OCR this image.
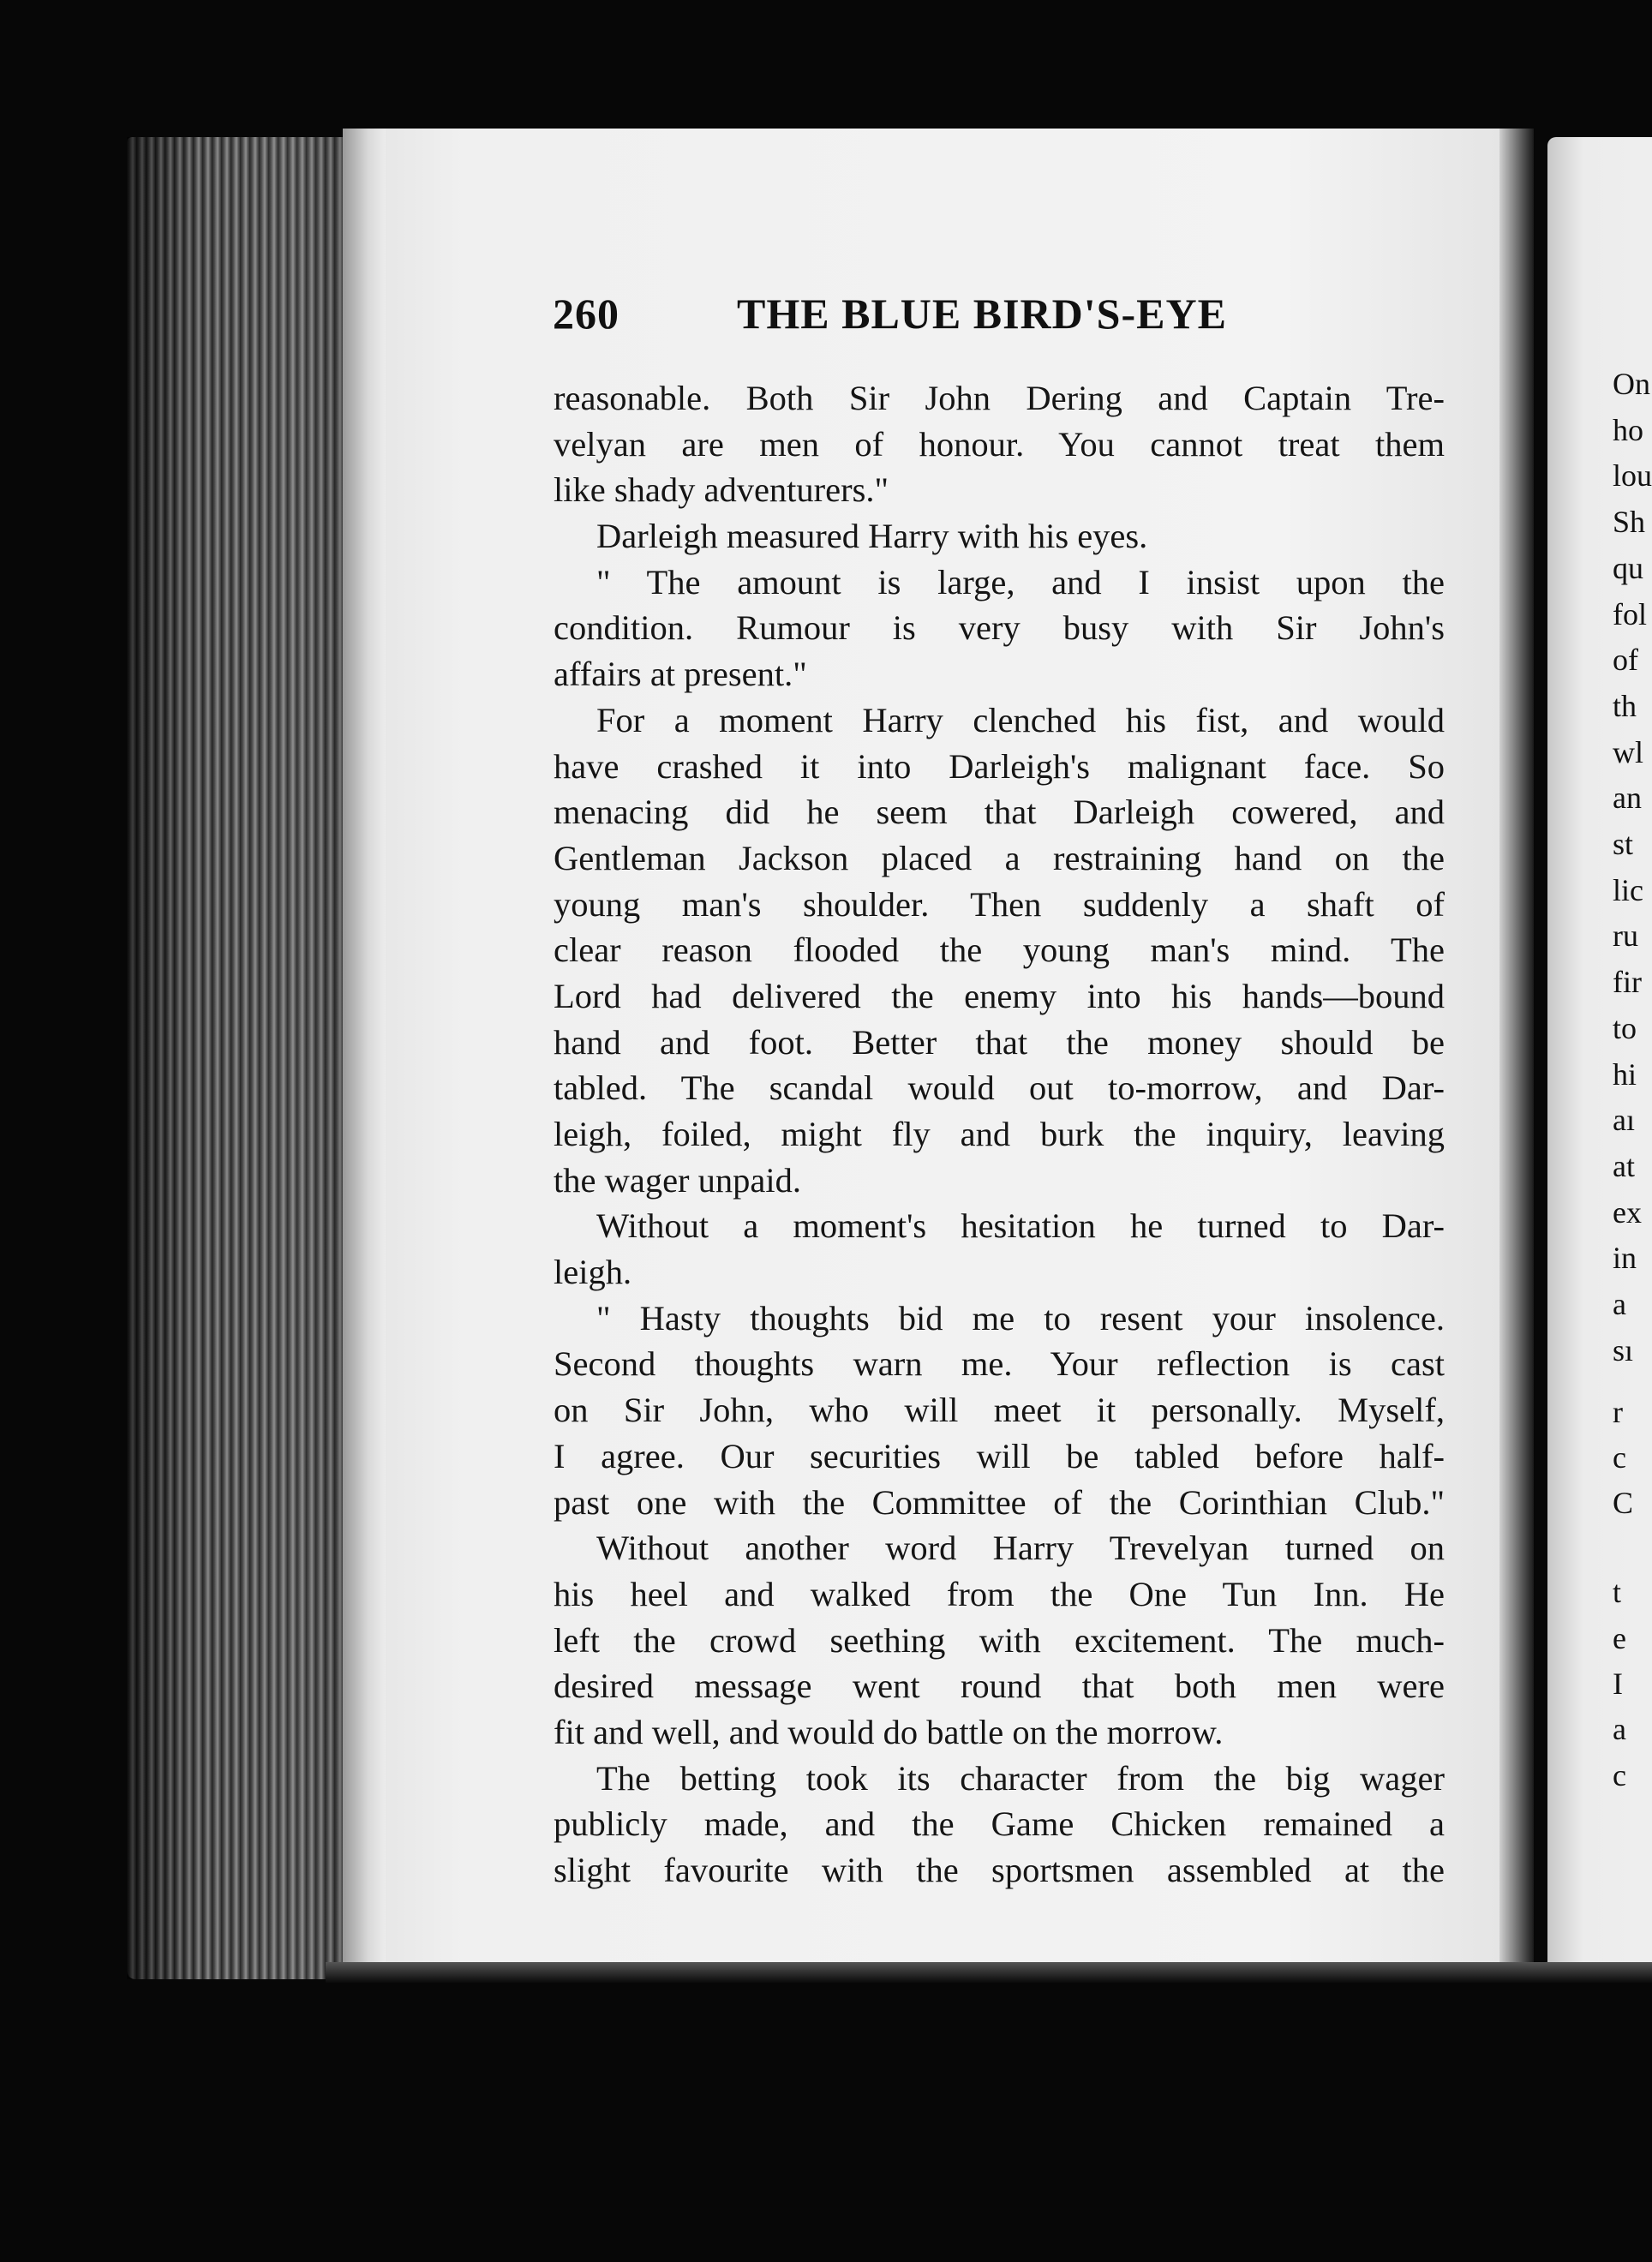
On
ho
lou
Sh
qu
fol
of
th
wl
an
st
lic
ru
fir
to
hi
aı
at
ex
in
a
sı
r
c
C
t
e
I
a
c
260	THE BLUE BIRD'S-EYE
reasonable. Both Sir John Dering and Captain Tre-
velyan are men of honour. You cannot treat them
like shady adventurers."
Darleigh measured Harry with his eyes.
" The amount is large, and I insist upon the
condition. Rumour is very busy with Sir John's
affairs at present."
For a moment Harry clenched his fist, and would
have crashed it into Darleigh's malignant face. So
menacing did he seem that Darleigh cowered, and
Gentleman Jackson placed a restraining hand on the
young man's shoulder. Then suddenly a shaft of
clear reason flooded the young man's mind. The
Lord had delivered the enemy into his hands—bound
hand and foot. Better that the money should be
tabled. The scandal would out to-morrow, and Dar-
leigh, foiled, might fly and burk the inquiry, leaving
the wager unpaid.
Without a moment's hesitation he turned to Dar-
leigh.
" Hasty thoughts bid me to resent your insolence.
Second thoughts warn me. Your reflection is cast
on Sir John, who will meet it personally. Myself,
I agree. Our securities will be tabled before half-
past one with the Committee of the Corinthian Club."
Without another word Harry Trevelyan turned on
his heel and walked from the One Tun Inn. He
left the crowd seething with excitement. The much-
desired message went round that both men were
fit and well, and would do battle on the morrow.
The betting took its character from the big wager
publicly made, and the Game Chicken remained a
slight favourite with the sportsmen assembled at the
